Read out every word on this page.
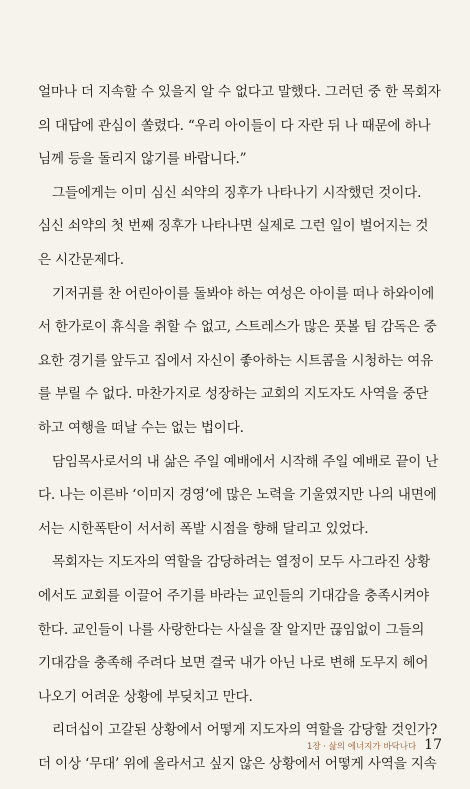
얼마나 더 지속할 수 있을지 알 수 없다고 말했다. 그러던 중 한 목회자
의 대답에 관심이 쏠렸다. “우리 아이들이 다 자란 뒤 나 때문에 하나
님께 등을 돌리지 않기를 바랍니다.”
그들에게는 이미 심신 쇠약의 징후가 나타나기 시작했던 것이다.
심신 쇠약의 첫 번째 징후가 나타나면 실제로 그런 일이 벌어지는 것
은 시간문제다.
기저귀를 찬 어린아이를 돌봐야 하는 여성은 아이를 떠나 하와이에
서 한가로이 휴식을 취할 수 없고, 스트레스가 많은 풋볼 팀 감독은 중
요한 경기를 앞두고 집에서 자신이 좋아하는 시트콤을 시청하는 여유
를 부릴 수 없다. 마찬가지로 성장하는 교회의 지도자도 사역을 중단
하고 여행을 떠날 수는 없는 법이다.
담임목사로서의 내 삶은 주일 예배에서 시작해 주일 예배로 끝이 난
다. 나는 이른바 ‘이미지 경영’에 많은 노력을 기울였지만 나의 내면에
서는 시한폭탄이 서서히 폭발 시점을 향해 달리고 있었다.
목회자는 지도자의 역할을 감당하려는 열정이 모두 사그라진 상황
에서도 교회를 이끌어 주기를 바라는 교인들의 기대감을 충족시켜야
한다. 교인들이 나를 사랑한다는 사실을 잘 알지만 끊임없이 그들의
기대감을 충족해 주려다 보면 결국 내가 아닌 나로 변해 도무지 헤어
나오기 어려운 상황에 부딪치고 만다.
리더십이 고갈된 상황에서 어떻게 지도자의 역할을 감당할 것인가?
더 이상 ‘무대’ 위에 올라서고 싶지 않은 상황에서 어떻게 사역을 지속
1장 · 삶의 에너지가 바닥나다 17
